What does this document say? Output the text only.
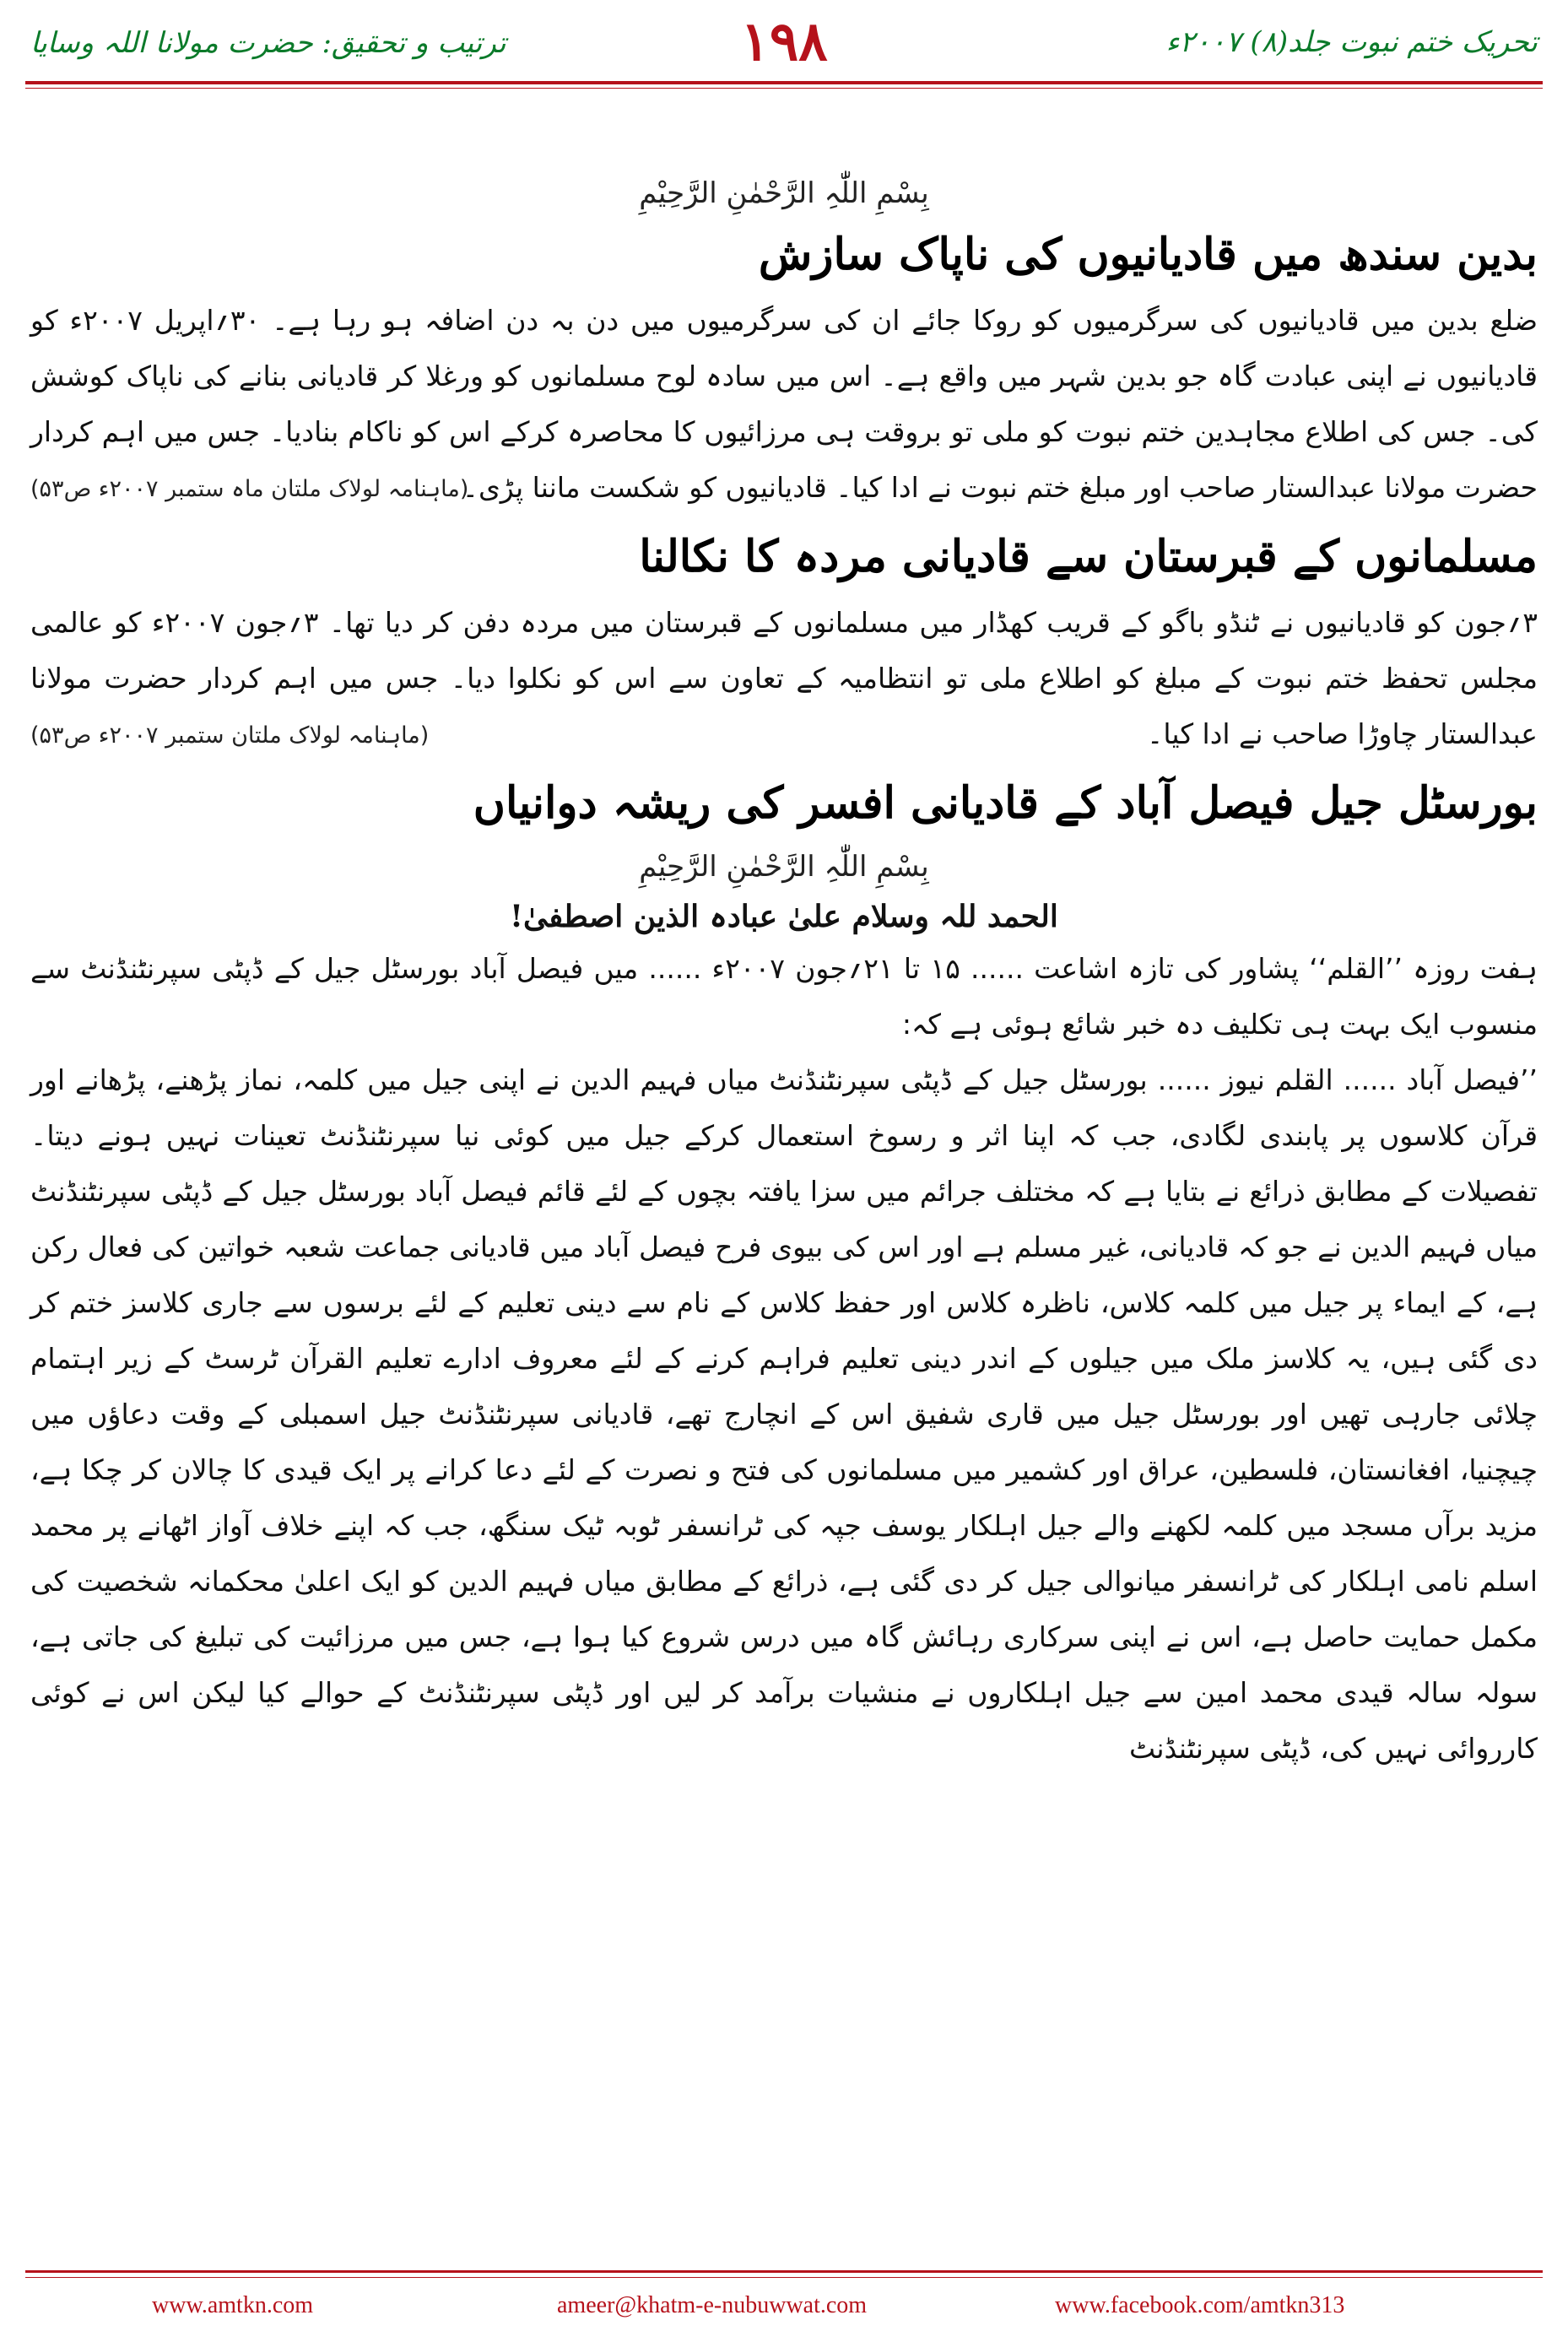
ترتیب و تحقیق: حضرت مولانا اللہ وسایا	۱۹۸	تحریک ختم نبوت جلد(۸) ۲۰۰۷ء
بِسْمِ اللّٰہِ الرَّحْمٰنِ الرَّحِیْمِ
بدین سندھ میں قادیانیوں کی ناپاک سازش

ضلع بدین میں قادیانیوں کی سرگرمیوں کو روکا جائے ان کی سرگرمیوں میں دن بہ دن اضافہ ہو رہا ہے۔ ۳۰؍اپریل ۲۰۰۷ء کو قادیانیوں نے اپنی عبادت گاہ جو بدین شہر میں واقع ہے۔ اس میں سادہ لوح مسلمانوں کو ورغلا کر قادیانی بنانے کی ناپاک کوشش کی۔ جس کی اطلاع مجاہدین ختم نبوت کو ملی تو بروقت ہی مرزائیوں کا محاصرہ کرکے اس کو ناکام بنادیا۔ جس میں اہم کردار حضرت مولانا عبدالستار صاحب اور مبلغ ختم نبوت نے ادا کیا۔ قادیانیوں کو شکست ماننا پڑی۔

(ماہنامہ لولاک ملتان ماہ ستمبر ۲۰۰۷ء ص۵۳)
مسلمانوں کے قبرستان سے قادیانی مردہ کا نکالنا

۳؍جون کو قادیانیوں نے ٹنڈو باگو کے قریب کھڈار میں مسلمانوں کے قبرستان میں مردہ دفن کر دیا تھا۔ ۳؍جون ۲۰۰۷ء کو عالمی مجلس تحفظ ختم نبوت کے مبلغ کو اطلاع ملی تو انتظامیہ کے تعاون سے اس کو نکلوا دیا۔ جس میں اہم کردار حضرت مولانا عبدالستار چاوڑا صاحب نے ادا کیا۔

(ماہنامہ لولاک ملتان ستمبر ۲۰۰۷ء ص۵۳)
بورسٹل جیل فیصل آباد کے قادیانی افسر کی ریشہ دوانیاں
بِسْمِ اللّٰہِ الرَّحْمٰنِ الرَّحِیْمِ
الحمد للہ وسلام علیٰ عبادہ الذین اصطفیٰ!

ہفت روزہ ’’القلم‘‘ پشاور کی تازہ اشاعت ...... ۱۵ تا ۲۱؍جون ۲۰۰۷ء ...... میں فیصل آباد بورسٹل جیل کے ڈپٹی سپرنٹنڈنٹ سے منسوب ایک بہت ہی تکلیف دہ خبر شائع ہوئی ہے کہ:

’’فیصل آباد ...... القلم نیوز ...... بورسٹل جیل کے ڈپٹی سپرنٹنڈنٹ میاں فہیم الدین نے اپنی جیل میں کلمہ، نماز پڑھنے، پڑھانے اور قرآن کلاسوں پر پابندی لگادی، جب کہ اپنا اثر و رسوخ استعمال کرکے جیل میں کوئی نیا سپرنٹنڈنٹ تعینات نہیں ہونے دیتا۔ تفصیلات کے مطابق ذرائع نے بتایا ہے کہ مختلف جرائم میں سزا یافتہ بچوں کے لئے قائم فیصل آباد بورسٹل جیل کے ڈپٹی سپرنٹنڈنٹ میاں فہیم الدین نے جو کہ قادیانی، غیر مسلم ہے اور اس کی بیوی فرح فیصل آباد میں قادیانی جماعت شعبہ خواتین کی فعال رکن ہے، کے ایماء پر جیل میں کلمہ کلاس، ناظرہ کلاس اور حفظ کلاس کے نام سے دینی تعلیم کے لئے برسوں سے جاری کلاسز ختم کر دی گئی ہیں، یہ کلاسز ملک میں جیلوں کے اندر دینی تعلیم فراہم کرنے کے لئے معروف ادارے تعلیم القرآن ٹرسٹ کے زیر اہتمام چلائی جارہی تھیں اور بورسٹل جیل میں قاری شفیق اس کے انچارج تھے، قادیانی سپرنٹنڈنٹ جیل اسمبلی کے وقت دعاؤں میں چیچنیا، افغانستان، فلسطین، عراق اور کشمیر میں مسلمانوں کی فتح و نصرت کے لئے دعا کرانے پر ایک قیدی کا چالان کر چکا ہے، مزید برآں مسجد میں کلمہ لکھنے والے جیل اہلکار یوسف جپہ کی ٹرانسفر ٹوبہ ٹیک سنگھ، جب کہ اپنے خلاف آواز اٹھانے پر محمد اسلم نامی اہلکار کی ٹرانسفر میانوالی جیل کر دی گئی ہے، ذرائع کے مطابق میاں فہیم الدین کو ایک اعلیٰ محکمانہ شخصیت کی مکمل حمایت حاصل ہے، اس نے اپنی سرکاری رہائش گاہ میں درس شروع کیا ہوا ہے، جس میں مرزائیت کی تبلیغ کی جاتی ہے، سولہ سالہ قیدی محمد امین سے جیل اہلکاروں نے منشیات برآمد کر لیں اور ڈپٹی سپرنٹنڈنٹ کے حوالے کیا لیکن اس نے کوئی کارروائی نہیں کی، ڈپٹی سپرنٹنڈنٹ

www.amtkn.com	ameer@khatm-e-nubuwwat.com	www.facebook.com/amtkn313
